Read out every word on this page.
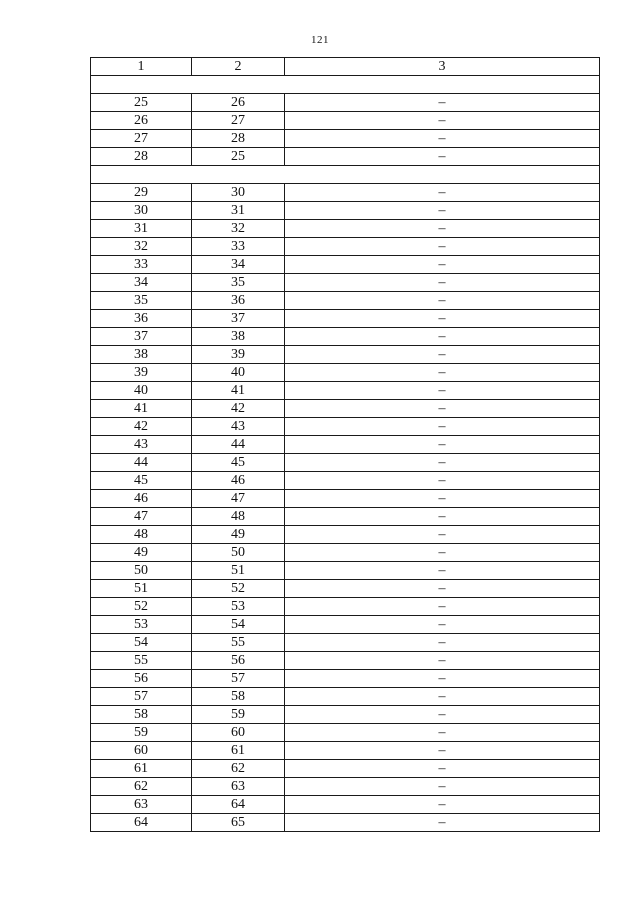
121
1	2	3

25	26	–
26	27	–
27	28	–
28	25	–

29	30	–
30	31	–
31	32	–
32	33	–
33	34	–
34	35	–
35	36	–
36	37	–
37	38	–
38	39	–
39	40	–
40	41	–
41	42	–
42	43	–
43	44	–
44	45	–
45	46	–
46	47	–
47	48	–
48	49	–
49	50	–
50	51	–
51	52	–
52	53	–
53	54	–
54	55	–
55	56	–
56	57	–
57	58	–
58	59	–
59	60	–
60	61	–
61	62	–
62	63	–
63	64	–
64	65	–
